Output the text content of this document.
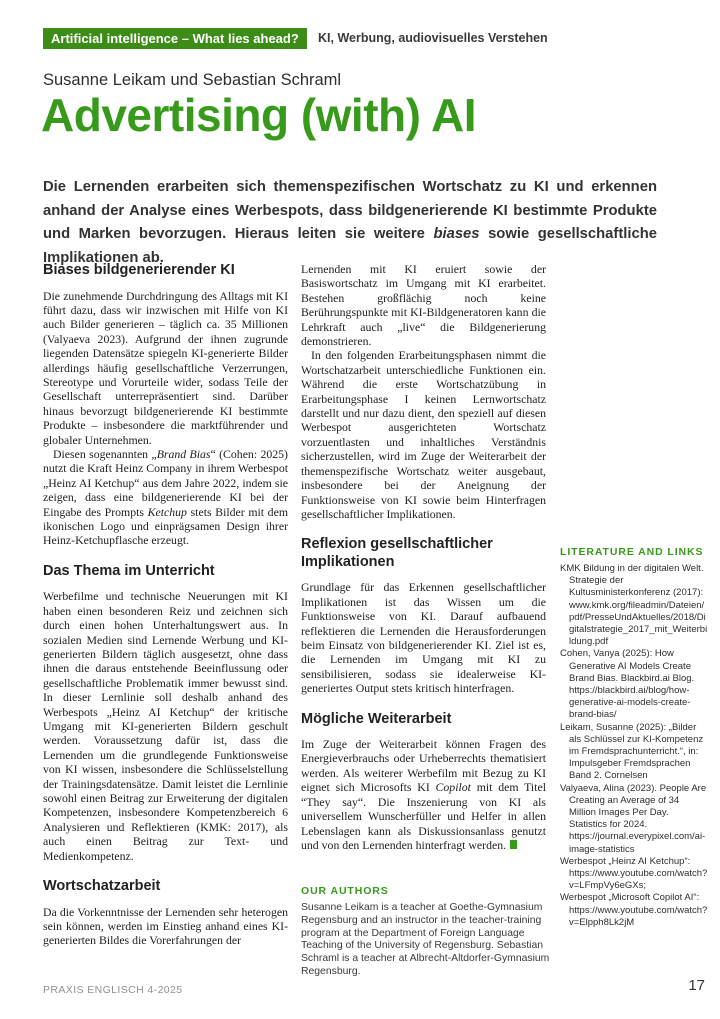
Artificial intelligence – What lies ahead?	KI, Werbung, audiovisuelles Verstehen
Susanne Leikam und Sebastian Schraml
Advertising (with) AI

Die Lernenden erarbeiten sich themenspezifischen Wortschatz zu KI und erkennen anhand der Analyse eines Werbespots, dass bildgenerierende KI bestimmte Produkte und Marken bevorzugen. Hieraus leiten sie weitere biases sowie gesellschaftliche Implikationen ab.

Biases bildgenerierender KI

Die zunehmende Durchdringung des Alltags mit KI führt dazu, dass wir inzwischen mit Hilfe von KI auch Bilder generieren – täglich ca. 35 Millionen (Valyaeva 2023). Aufgrund der ihnen zugrunde liegenden Datensätze spiegeln KI-generierte Bilder allerdings häufig gesellschaftliche Verzerrungen, Stereotype und Vorurteile wider, sodass Teile der Gesellschaft unterrepräsentiert sind. Darüber hinaus bevorzugt bildgenerierende KI bestimmte Produkte – insbesondere die marktführender und globaler Unternehmen.

Diesen sogenannten „Brand Bias“ (Cohen: 2025) nutzt die Kraft Heinz Company in ihrem Werbespot „Heinz AI Ketchup“ aus dem Jahre 2022, indem sie zeigen, dass eine bildgenerierende KI bei der Eingabe des Prompts Ketchup stets Bilder mit dem ikonischen Logo und einprägsamen Design ihrer Heinz-Ketchupflasche erzeugt.

Das Thema im Unterricht

Werbefilme und technische Neuerungen mit KI haben einen besonderen Reiz und zeichnen sich durch einen hohen Unterhaltungswert aus. In sozialen Medien sind Lernende Werbung und KI-generierten Bildern täglich ausgesetzt, ohne dass ihnen die daraus entstehende Beeinflussung oder gesellschaftliche Problematik immer bewusst sind. In dieser Lernlinie soll deshalb anhand des Werbespots „Heinz AI Ketchup“ der kritische Umgang mit KI-generierten Bildern geschult werden. Voraussetzung dafür ist, dass die Lernenden um die grundlegende Funktionsweise von KI wissen, insbesondere die Schlüsselstellung der Trainingsdatensätze. Damit leistet die Lernlinie sowohl einen Beitrag zur Erweiterung der digitalen Kompetenzen, insbesondere Kompetenzbereich 6 Analysieren und Reflektieren (KMK: 2017), als auch einen Beitrag zur Text- und Medienkompetenz.

Wortschatzarbeit

Da die Vorkenntnisse der Lernenden sehr heterogen sein können, werden im Einstieg anhand eines KI-generierten Bildes die Vorerfahrungen der

Lernenden mit KI eruiert sowie der Basiswortschatz im Umgang mit KI erarbeitet. Bestehen großflächig noch keine Berührungspunkte mit KI-Bildgeneratoren kann die Lehrkraft auch „live“ die Bildgenerierung demonstrieren.

In den folgenden Erarbeitungsphasen nimmt die Wortschatzarbeit unterschiedliche Funktionen ein. Während die erste Wortschatzübung in Erarbeitungsphase I keinen Lernwortschatz darstellt und nur dazu dient, den speziell auf diesen Werbespot ausgerichteten Wortschatz vorzuentlasten und inhaltliches Verständnis sicherzustellen, wird im Zuge der Weiterarbeit der themenspezifische Wortschatz weiter ausgebaut, insbesondere bei der Aneignung der Funktionsweise von KI sowie beim Hinterfragen gesellschaftlicher Implikationen.

Reflexion gesellschaftlicher Implikationen

Grundlage für das Erkennen gesellschaftlicher Implikationen ist das Wissen um die Funktionsweise von KI. Darauf aufbauend reflektieren die Lernenden die Herausforderungen beim Einsatz von bildgenerierender KI. Ziel ist es, die Lernenden im Umgang mit KI zu sensibilisieren, sodass sie idealerweise KI-generiertes Output stets kritisch hinterfragen.

Mögliche Weiterarbeit

Im Zuge der Weiterarbeit können Fragen des Energieverbrauchs oder Urheberrechts thematisiert werden. Als weiterer Werbefilm mit Bezug zu KI eignet sich Microsofts KI Copilot mit dem Titel “They say“. Die Inszenierung von KI als universellem Wunscherfüller und Helfer in allen Lebenslagen kann als Diskussionsanlass genutzt und von den Lernenden hinterfragt werden.

OUR AUTHORS

Susanne Leikam is a teacher at Goethe-Gymnasium Regensburg and an instructor in the teacher-training program at the Department of Foreign Language Teaching of the University of Regensburg. Sebastian Schraml is a teacher at Albrecht-Altdorfer-Gymnasium Regensburg.

LITERATURE AND LINKS
KMK Bildung in der digitalen Welt. Strategie der Kultusministerkonferenz (2017): www.kmk.org/fileadmin/Dateien/pdf/PresseUndAktuelles/2018/Digitalstrategie_2017_mit_Weiterbildung.pdf
Cohen, Vanya (2025): How Generative AI Models Create Brand Bias. Blackbird.ai Blog. https://blackbird.ai/blog/how-generative-ai-models-create-brand-bias/
Leikam, Susanne (2025): „Bilder als Schlüssel zur KI-Kompetenz im Fremdsprachunterricht.“, in: Impulsgeber Fremdsprachen Band 2. Cornelsen
Valyaeva, Alina (2023). People Are Creating an Average of 34 Million Images Per Day. Statistics for 2024. https://journal.everypixel.com/ai-image-statistics
Werbespot „Heinz AI Ketchup“: https://www.youtube.com/watch?v=LFmpVy6eGXs;
Werbespot „Microsoft Copilot AI“: https://www.youtube.com/watch?v=Elpph8Lk2jM
PRAXIS ENGLISCH 4-2025	17
